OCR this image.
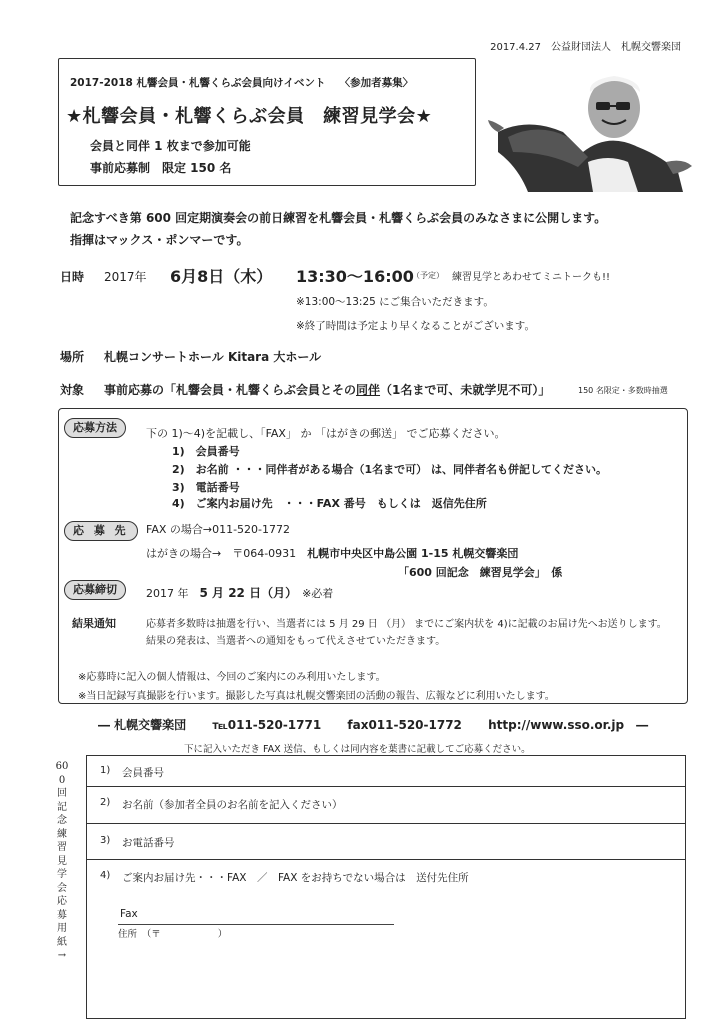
2017.4.27　公益財団法人　札幌交響楽団
2017-2018 札響会員・札響くらぶ会員向けイベント　 〈参加者募集〉
★札響会員・札響くらぶ会員　練習見学会★
会員と同伴 1 枚まで参加可能
事前応募制　限定 150 名
記念すべき第 600 回定期演奏会の前日練習を札響会員・札響くらぶ会員のみなさまに公開します。
指揮はマックス・ポンマーです。
日時 2017年 6月8日（木） 13:30～16:00
（予定） 練習見学とあわせてミニトークも!!
※13:00～13:25 にご集合いただきます。
※終了時間は予定より早くなることがございます。
場所 札幌コンサートホール Kitara 大ホール
対象 事前応募の「札響会員・札響くらぶ会員とその同伴（1名まで可、未就学児不可）」	150 名限定・多数時抽選
応募方法	下の 1)～4)を記載し、「FAX」 か 「はがきの郵送」 でご応募ください。
1)　会員番号
2)　お名前 ・・・同伴者がある場合（1名まで可） は、同伴者名も併記してください。
3)　電話番号
4)　ご案内お届け先　・・・FAX 番号　もしくは　返信先住所
応 募 先	FAX の場合→011-520-1772
はがきの場合→　〒064-0931　札幌市中央区中島公園 1-15 札幌交響楽団
「600 回記念　練習見学会」　係
応募締切	2017 年　5 月 22 日（月）　※必着
結果通知	応募者多数時は抽選を行い、当選者には 5 月 29 日 （月） までにご案内状を 4)に記載のお届け先へお送りします。
結果の発表は、当選者への通知をもって代えさせていただきます。
※応募時に記入の個人情報は、今回のご案内にのみ利用いたします。
※当日記録写真撮影を行います。撮影した写真は札幌交響楽団の活動の報告、広報などに利用いたします。
― 札幌交響楽団 ℡011-520-1771 fax011-520-1772 http://www.sso.or.jp　―
下に記入いただき FAX 送信、もしくは同内容を葉書に記載してご応募ください。
600回記念　練習見学会応募用紙→
1) 会員番号
2) お名前（参加者全員のお名前を記入ください）
3) お電話番号
4) ご案内お届け先・・・FAX　／　FAX をお持ちでない場合は　送付先住所
Fax
住所　（〒　　　　　　）
